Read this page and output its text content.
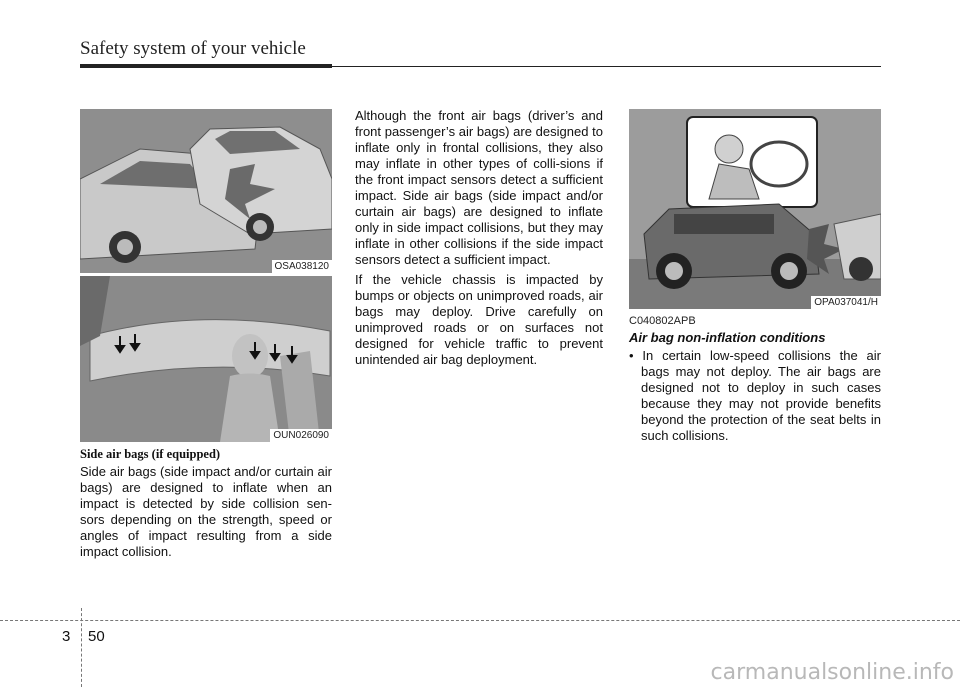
Safety system of your vehicle
OSA038120
OUN026090
Side air bags (if equipped)

Side air bags (side impact and/or curtain air bags) are designed to inflate when an impact is detected by side collision sen-sors depending on the strength, speed or angles of impact resulting from a side impact collision.

Although the front air bags (driver’s and front passenger’s air bags) are designed to inflate only in frontal collisions, they also may inflate in other types of colli-sions if the front impact sensors detect a sufficient impact. Side air bags (side impact and/or curtain air bags) are designed to inflate only in side impact collisions, but they may inflate in other collisions if the side impact sensors detect a sufficient impact.

If the vehicle chassis is impacted by bumps or objects on unimproved roads, air bags may deploy. Drive carefully on unimproved roads or on surfaces not designed for vehicle traffic to prevent unintended air bag deployment.

OPA037041/H
C040802APB
Air bag non-inflation conditions
• In certain low-speed collisions the air bags may not deploy. The air bags are designed not to deploy in such cases because they may not provide benefits beyond the protection of the seat belts in such collisions.
3 50
carmanualsonline.info
